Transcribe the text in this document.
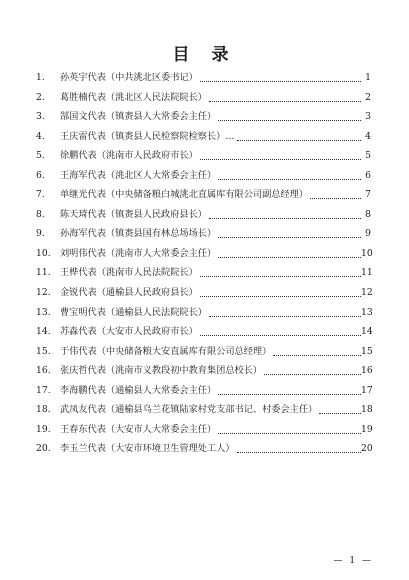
目 录
1.	孙英宇代表（中共洮北区委书记）	1
2.	葛胜楠代表（洮北区人民法院院长）	2
3.	郜国文代表（镇赉县人大常委会主任）	3
4.	王庆雷代表（镇赉县人民检察院检察长）…	4
5.	徐鹏代表（洮南市人民政府市长）	5
6.	王海军代表（洮北区人大常委会主任）	6
7.	单继光代表（中央储备粮白城洮北直属库有限公司副总经理）	7
8.	陈天琦代表（镇赉县人民政府县长）	8
9.	孙海军代表（镇赉县国有林总场场长）	9
10.	刘明伟代表（洮南市人大常委会主任）	10
11.	王桦代表（洮南市人民法院院长）	11
12.	金锐代表（通榆县人民政府县长）	12
13.	曹宝明代表（通榆县人民法院院长）	13
14.	苏淼代表（大安市人民政府市长）	14
15.	于伟代表（中央储备粮大安直属库有限公司总经理）	15
16.	张庆哲代表（洮南市义教段初中教育集团总校长）	16
17.	李海鹏代表（通榆县人大常委会主任）	17
18.	武凤友代表（通榆县乌兰花镇陆家村党支部书记、村委会主任）	18
19.	王春东代表（大安市人大常委会主任）	19
20.	李玉兰代表（大安市环境卫生管理处工人）	20
— 1 —
